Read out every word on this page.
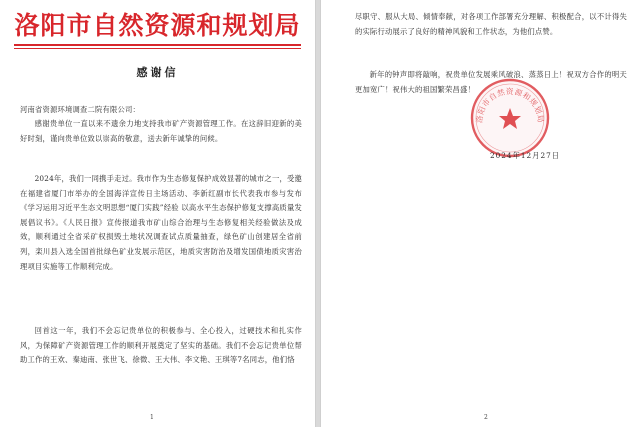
洛阳市自然资源和规划局
感谢信

河南省资源环境调查二院有限公司：

感谢贵单位一直以来不遗余力地支持我市矿产资源管理工作。在这辞旧迎新的美好时刻，谨向贵单位致以崇高的敬意，送去新年诚挚的问候。

2024年，我们一同携手走过。我市作为生态修复保护成效显著的城市之一，受邀在福建省厦门市举办的全国海洋宣传日主场活动、李新红副市长代表我市参与发布《学习运用习近平生态文明思想“厦门实践”经验 以高水平生态保护修复支撑高质量发展倡议书》。《人民日报》宣传报道我市矿山综合治理与生态修复相关经验做法及成效，顺利通过全省采矿权损毁土地状况调查试点质量抽查，绿色矿山创建居全省前列，栾川县入选全国首批绿色矿业发展示范区，地质灾害防治及增发国债地质灾害治理项目实施等工作顺利完成。

回首这一年，我们不会忘记贵单位的积极参与、全心投入，过硬技术和扎实作风，为保障矿产资源管理工作的顺利开展奠定了坚实的基础。我们不会忘记贵单位帮助工作的王欢、秦迪南、张世飞、徐微、王大伟、李文艳、王琪等7名同志，他们恪

1

尽职守、服从大局、倾情奉献，对各项工作部署充分理解、积极配合，以不计得失的实际行动展示了良好的精神风貌和工作状态，为他们点赞。

新年的钟声即将敲响，祝贵单位发展乘风破浪、蒸蒸日上！祝双方合作的明天更加宽广！祝伟大的祖国繁荣昌盛！

洛阳市自然资源和规划局
2024年12月27日
2
